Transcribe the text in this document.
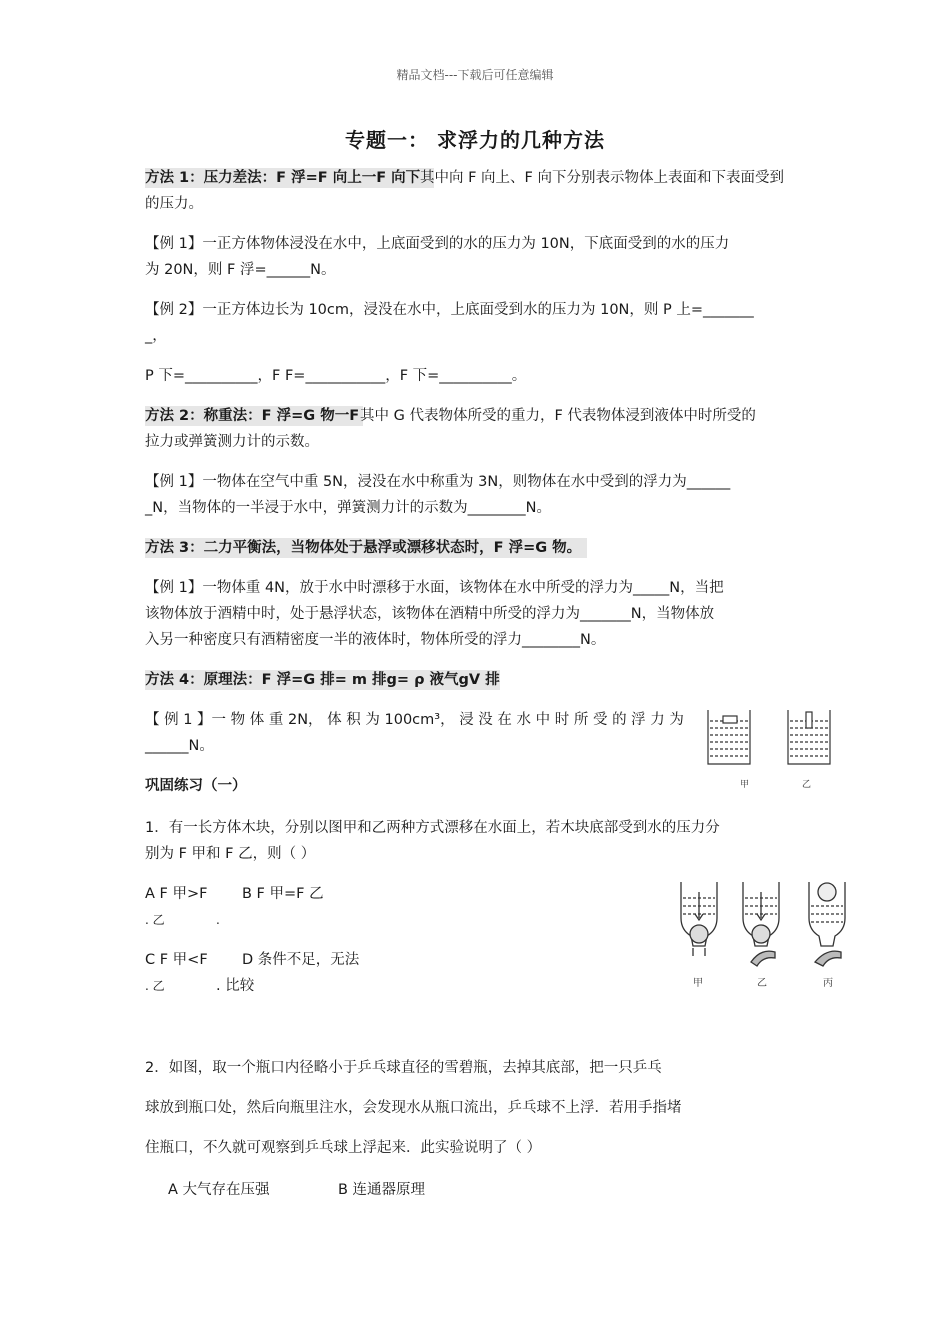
精品文档---下载后可任意编辑
专题一： 求浮力的几种方法
方法 1：压力差法：F 浮=F 向上一F 向下 其中向 F 向上、F 向下分别表示物体上表面和下表面受到
的压力。
【例 1】一正方体物体浸没在水中，上底面受到的水的压力为 10N，下底面受到的水的压力
为 20N，则 F 浮=______N。
【例 2】一正方体边长为 10cm，浸没在水中，上底面受到水的压力为 10N，则 P 上=_______
_，
P 下=__________，F F=___________，F 下=__________。
方法 2：称重法：F 浮=G 物一F 其中 G 代表物体所受的重力，F 代表物体浸到液体中时所受的
拉力或弹簧测力计的示数。
【例 1】一物体在空气中重 5N，浸没在水中称重为 3N，则物体在水中受到的浮力为______
_N，当物体的一半浸于水中，弹簧测力计的示数为________N。
方法 3：二力平衡法，当物体处于悬浮或漂移状态时，F 浮=G 物。
【例 1】一物体重 4N，放于水中时漂移于水面，该物体在水中所受的浮力为_____N，当把
该物体放于酒精中时，处于悬浮状态，该物体在酒精中所受的浮力为_______N，当物体放
入另一种密度只有酒精密度一半的液体时，物体所受的浮力________N。
方法 4：原理法：F 浮=G 排= m 排g= ρ 液气gV 排
【 例 1 】一 物 体 重 2N， 体 积 为 100cm³， 浸 没 在 水 中 时 所 受 的 浮 力 为
______N。
甲	乙
巩固练习（一）
1．有一长方体木块，分别以图甲和乙两种方式漂移在水面上，若木块底部受到水的压力分
别为 F 甲和 F 乙，则（ ）
A F 甲>F
. 乙
B F 甲=F 乙
.
C F 甲<F
. 乙
D 条件不足，无法
. 比较	甲	乙	丙
2．如图，取一个瓶口内径略小于乒乓球直径的雪碧瓶，去掉其底部，把一只乒乓
球放到瓶口处，然后向瓶里注水，会发现水从瓶口流出，乒乓球不上浮．若用手指堵
住瓶口，不久就可观察到乒乓球上浮起来．此实验说明了（ ）
A 大气存在压强	B 连通器原理
